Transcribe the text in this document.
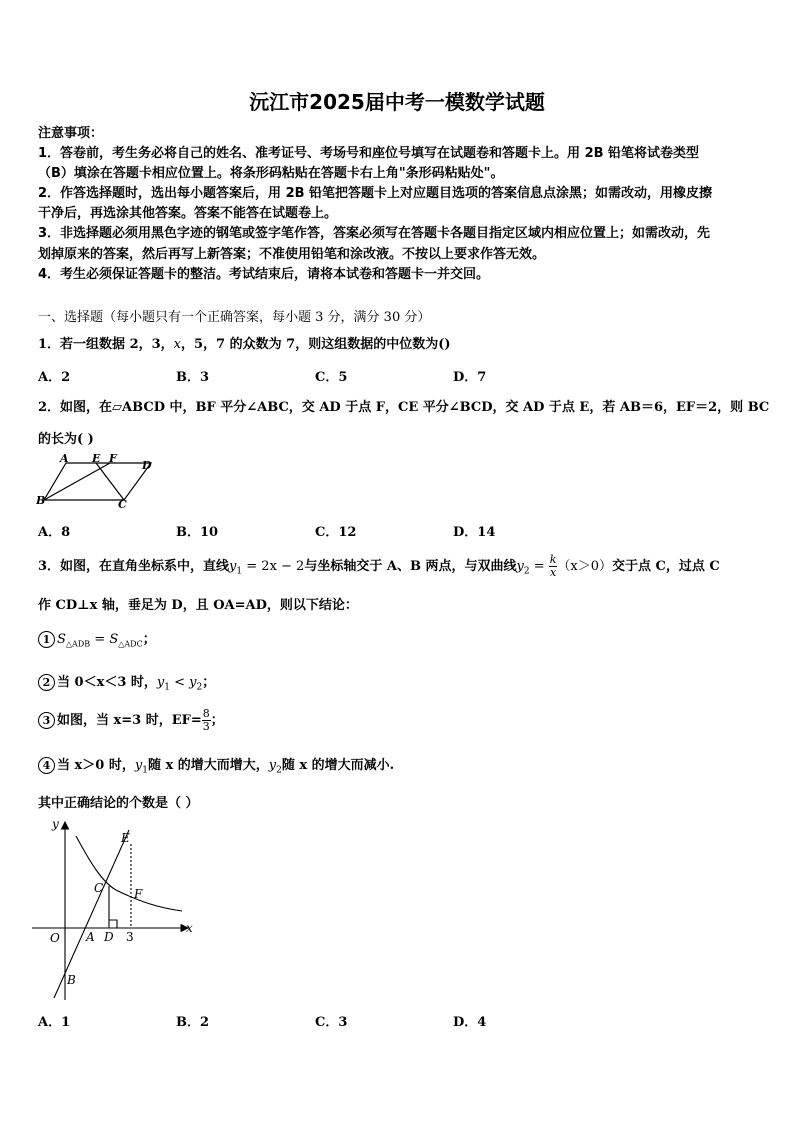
沅江市2025届中考一模数学试题
注意事项：
1．答卷前，考生务必将自己的姓名、准考证号、考场号和座位号填写在试题卷和答题卡上。用 2B 铅笔将试卷类型
（B）填涂在答题卡相应位置上。将条形码粘贴在答题卡右上角"条形码粘贴处"。
2．作答选择题时，选出每小题答案后，用 2B 铅笔把答题卡上对应题目选项的答案信息点涂黑；如需改动，用橡皮擦
干净后，再选涂其他答案。答案不能答在试题卷上。
3．非选择题必须用黑色字迹的钢笔或签字笔作答，答案必须写在答题卡各题目指定区域内相应位置上；如需改动，先
划掉原来的答案，然后再写上新答案；不准使用铅笔和涂改液。不按以上要求作答无效。
4．考生必须保证答题卡的整洁。考试结束后，请将本试卷和答题卡一并交回。
一、选择题（每小题只有一个正确答案，每小题 3 分，满分 30 分）
1．若一组数据 2，3，x，5，7 的众数为 7，则这组数据的中位数为()
A．2	B．3	C．5	D．7
2．如图，在▱ABCD 中，BF 平分∠ABC，交 AD 于点 F，CE 平分∠BCD，交 AD 于点 E，若 AB＝6，EF＝2，则 BC
的长为( )
A E F
D
B	C
A．8	B．10	C．12	D．14
3．如图，在直角坐标系中，直线$y_1 = 2x - 2$与坐标轴交于 A、B 两点，与双曲线$y_2 = \frac{k}{x} (x>0)$交于点 C，过点 C
作 CD⊥x 轴，垂足为 D，且 OA=AD，则以下结论：
1 $S_{\triangle ADB} = S_{\triangle ADC}$；
2 当 0＜x＜3 时，$y_1 < y_2$；
3 如图，当 x=3 时，$EF= \frac{8}{3}$ ；
4 当 x＞0 时，$y_1$随 x 的增大而增大，$y_2$随 x 的增大而减小.
其中正确结论的个数是（ ）
y
x
O A D 3
B
C
E
F
A．1	B．2	C．3	D．4
